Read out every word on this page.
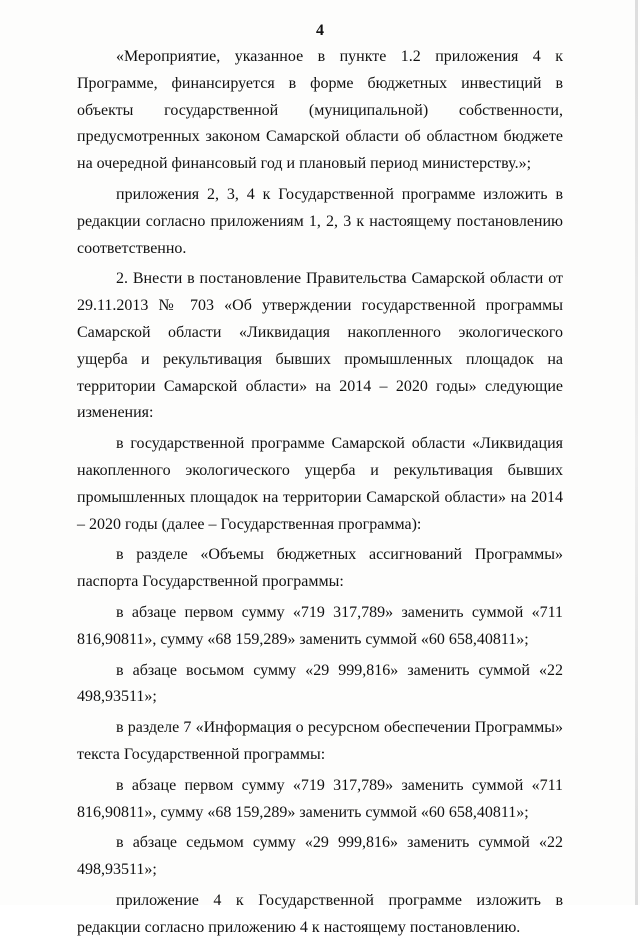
4

«Мероприятие, указанное в пункте 1.2 приложения 4 к Программе, финансируется в форме бюджетных инвестиций в объекты государственной (муниципальной) собственности, предусмотренных законом Самарской области об областном бюджете на очередной финансовый год и плановый период министерству.»;

приложения 2, 3, 4 к Государственной программе изложить в редакции согласно приложениям 1, 2, 3 к настоящему постановлению соответственно.

2. Внести в постановление Правительства Самарской области от 29.11.2013 № 703 «Об утверждении государственной программы Самарской области «Ликвидация накопленного экологического ущерба и рекультивация бывших промышленных площадок на территории Самарской области» на 2014 – 2020 годы» следующие изменения:

в государственной программе Самарской области «Ликвидация накопленного экологического ущерба и рекультивация бывших промышленных площадок на территории Самарской области» на 2014 – 2020 годы (далее – Государственная программа):

в разделе «Объемы бюджетных ассигнований Программы» паспорта Государственной программы:

в абзаце первом сумму «719 317,789» заменить суммой «711 816,90811», сумму «68 159,289» заменить суммой «60 658,40811»;

в абзаце восьмом сумму «29 999,816» заменить суммой «22 498,93511»;

в разделе 7 «Информация о ресурсном обеспечении Программы» текста Государственной программы:

в абзаце первом сумму «719 317,789» заменить суммой «711 816,90811», сумму «68 159,289» заменить суммой «60 658,40811»;

в абзаце седьмом сумму «29 999,816» заменить суммой «22 498,93511»;

приложение 4 к Государственной программе изложить в редакции согласно приложению 4 к настоящему постановлению.
